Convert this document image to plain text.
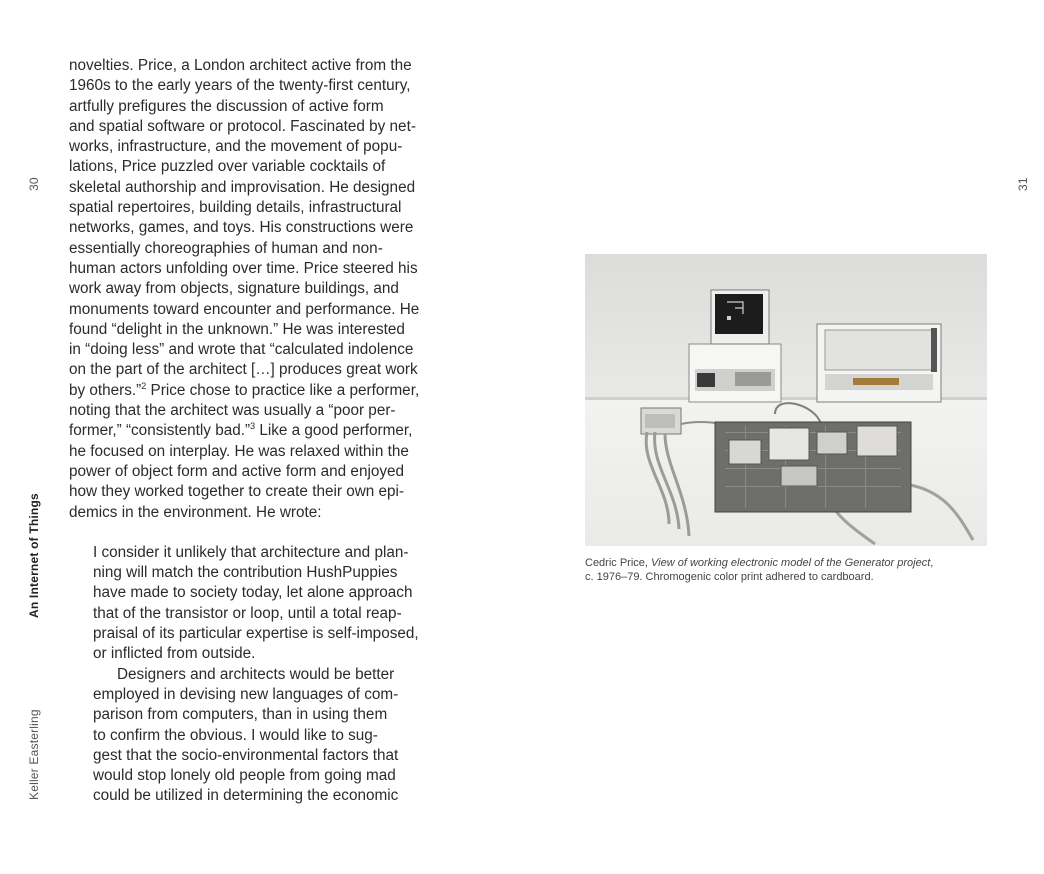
30
An Internet of Things
Keller Easterling
31
novelties. Price, a London architect active from the
1960s to the early years of the twenty-first century,
artfully prefigures the discussion of active form
and spatial software or protocol. Fascinated by net-
works, infrastructure, and the movement of popu-
lations, Price puzzled over variable cocktails of
skeletal authorship and improvisation. He designed
spatial repertoires, building details, infrastructural
networks, games, and toys. His constructions were
essentially choreographies of human and non-
human actors unfolding over time. Price steered his
work away from objects, signature buildings, and
monuments toward encounter and performance. He
found “delight in the unknown.” He was interested
in “doing less” and wrote that “calculated indolence
on the part of the architect […] produces great work
by others.”$^2$ Price chose to practice like a performer,
noting that the architect was usually a “poor per-
former,” “consistently bad.”$^3$ Like a good performer,
he focused on interplay. He was relaxed within the
power of object form and active form and enjoyed
how they worked together to create their own epi-
demics in the environment. He wrote:
I consider it unlikely that architecture and plan-
ning will match the contribution HushPuppies
have made to society today, let alone approach
that of the transistor or loop, until a total reap-
praisal of its particular expertise is self-imposed,
or inflicted from outside.
Designers and architects would be better
employed in devising new languages of com-
parison from computers, than in using them
to confirm the obvious. I would like to sug-
gest that the socio-environmental factors that
would stop lonely old people from going mad
could be utilized in determining the economic
Cedric Price, View of working electronic model of the Generator project,
c. 1976–79. Chromogenic color print adhered to cardboard.
